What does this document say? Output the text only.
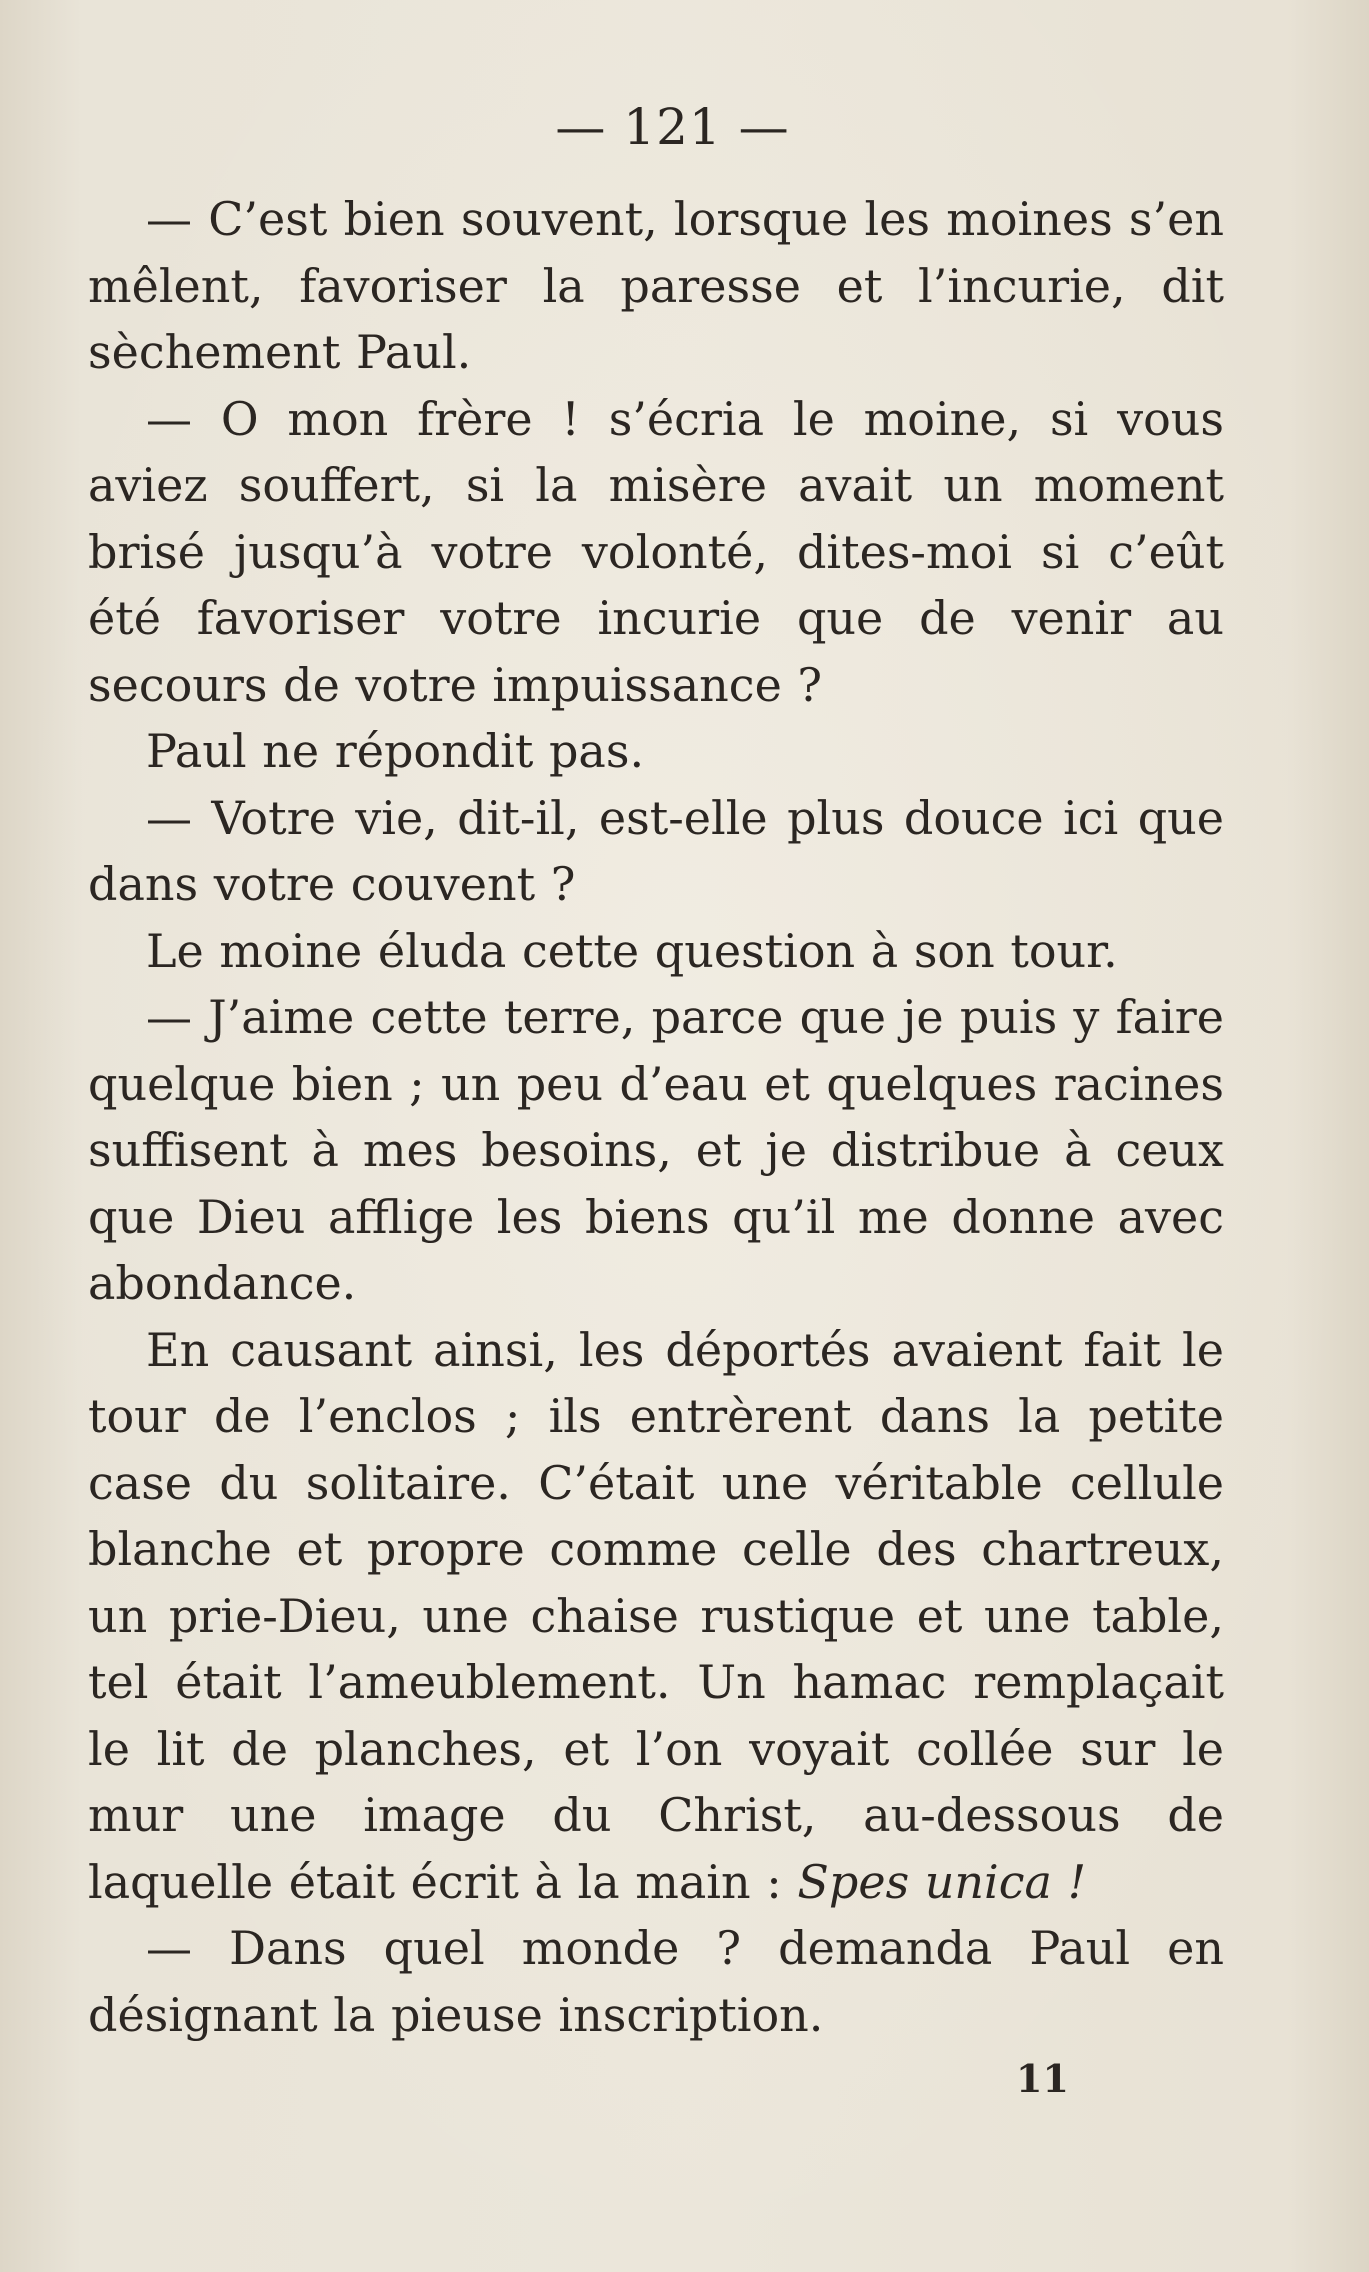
— 121 —

— C’est bien souvent, lorsque les moines s’en mêlent, favoriser la paresse et l’incurie, dit sèchement Paul.

— O mon frère ! s’écria le moine, si vous aviez souffert, si la misère avait un moment brisé jusqu’à votre volonté, dites-moi si c’eût été favoriser votre incurie que de venir au secours de votre impuissance ?

Paul ne répondit pas.

— Votre vie, dit-il, est-elle plus douce ici que dans votre couvent ?

Le moine éluda cette question à son tour.

— J’aime cette terre, parce que je puis y faire quelque bien ; un peu d’eau et quelques racines suffisent à mes besoins, et je distribue à ceux que Dieu afflige les biens qu’il me donne avec abondance.

En causant ainsi, les déportés avaient fait le tour de l’enclos ; ils entrèrent dans la petite case du solitaire. C’était une véritable cellule blanche et propre comme celle des chartreux, un prie-Dieu, une chaise rustique et une table, tel était l’ameublement. Un hamac remplaçait le lit de planches, et l’on voyait collée sur le mur une image du Christ, au-dessous de laquelle était écrit à la main : Spes unica !

— Dans quel monde ? demanda Paul en désignant la pieuse inscription.

11
